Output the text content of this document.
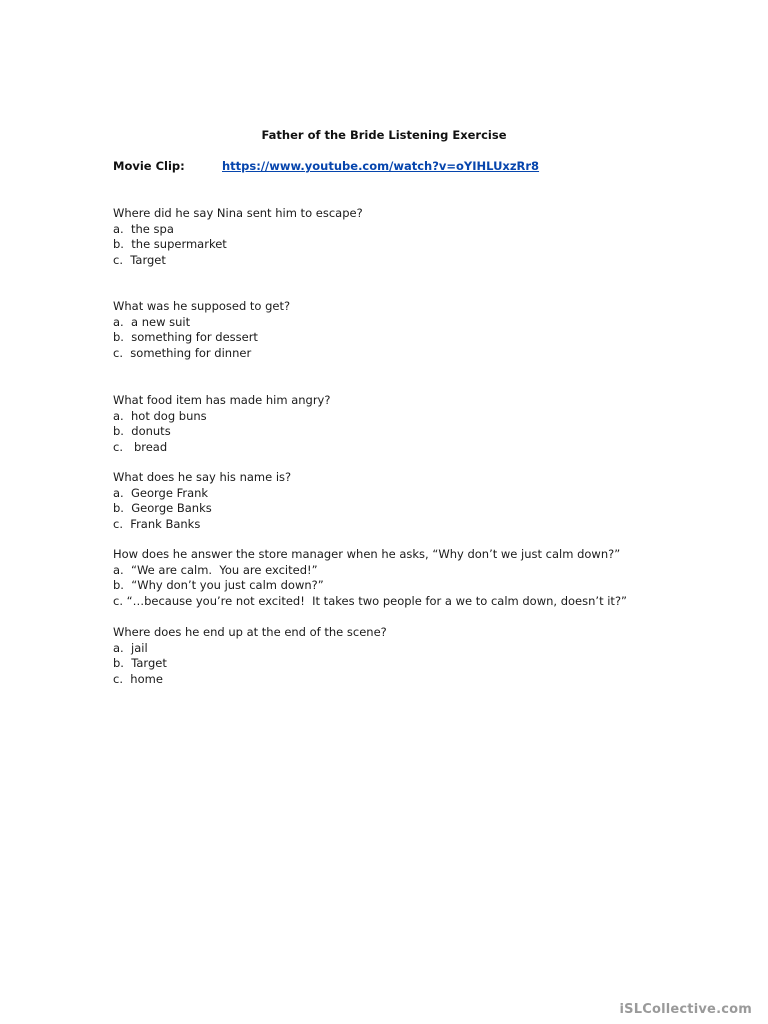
Father of the Bride Listening Exercise
Movie Clip:	https://www.youtube.com/watch?v=oYIHLUxzRr8
Where did he say Nina sent him to escape?
a.  the spa
b.  the supermarket
c.  Target
What was he supposed to get?
a.  a new suit
b.  something for dessert
c.  something for dinner
What food item has made him angry?
a.  hot dog buns
b.  donuts
c.   bread
What does he say his name is?
a.  George Frank
b.  George Banks
c.  Frank Banks
How does he answer the store manager when he asks, “Why don’t we just calm down?”
a.  “We are calm.  You are excited!”
b.  “Why don’t you just calm down?”
c. “…because you’re not excited!  It takes two people for a we to calm down, doesn’t it?”
Where does he end up at the end of the scene?
a.  jail
b.  Target
c.  home
iSLCollective.com
